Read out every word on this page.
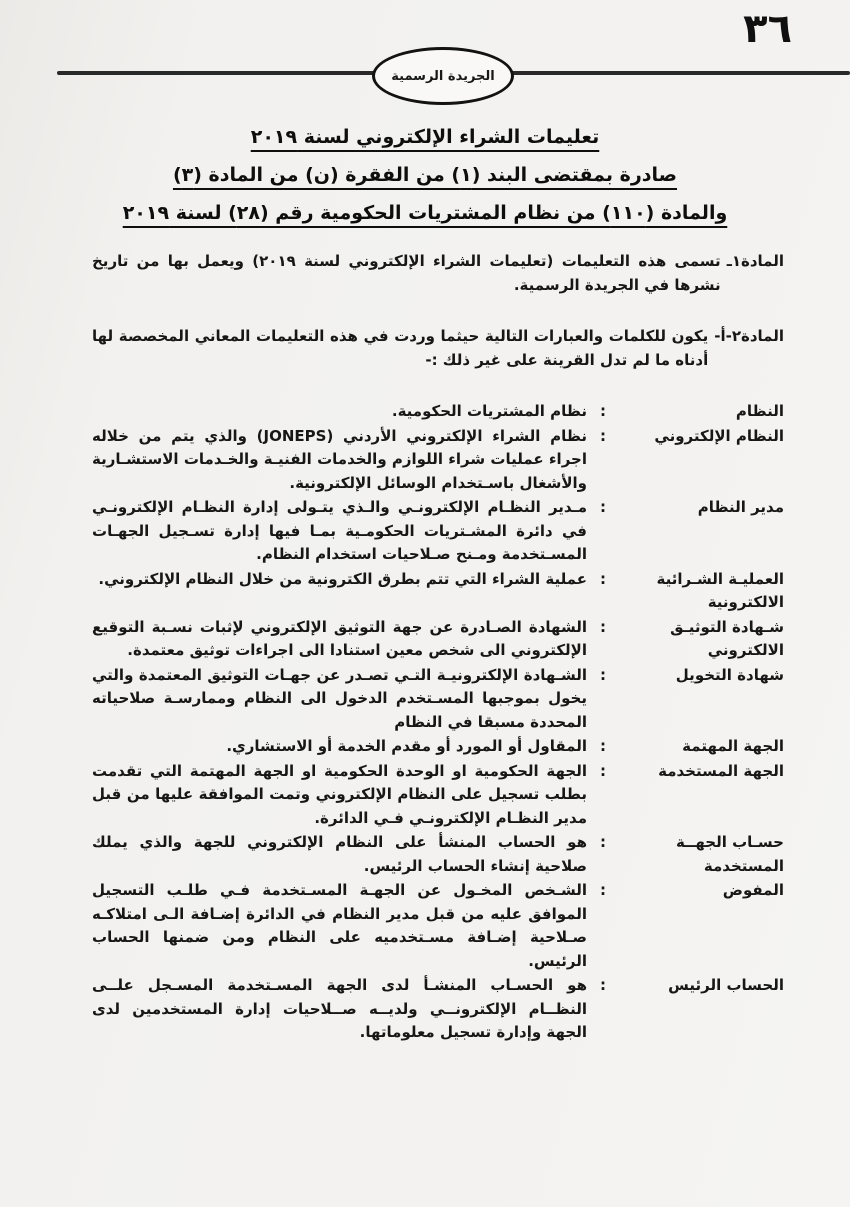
٣٦
الجريدة الرسمية
تعليمات الشراء الإلكتروني لسنة ٢٠١٩
صادرة بمقتضى البند (١) من الفقرة (ن) من المادة (٣)
والمادة (١١٠) من نظام المشتريات الحكومية رقم (٢٨) لسنة ٢٠١٩
المادة١ـ
تسمى هذه التعليمات (تعليمات الشراء الإلكتروني لسنة ٢٠١٩) ويعمل بها من تاريخ نشرها في الجريدة الرسمية.
المادة٢-أ-
يكون للكلمات والعبارات التالية حيثما وردت في هذه التعليمات المعاني المخصصة لها أدناه ما لم تدل القرينة على غير ذلك :-
النظام
:
نظام المشتريات الحكومية.
النظام الإلكتروني
:
نظام الشراء الإلكتروني الأردني (JONEPS) والذي يتم من خلاله اجراء عمليات شراء اللوازم والخدمات الفنيـة والخـدمات الاستشـارية والأشغال باسـتخدام الوسائل الإلكترونية.
مدير النظام
:
مـدير النظـام الإلكترونـي والـذي يتـولى إدارة النظـام الإلكترونـي في دائرة المشـتريات الحكومـية بمـا فيها إدارة تسـجيل الجهـات المسـتخدمة ومـنح صـلاحيات استخدام النظام.
العمليـة الشـرائية الالكترونية
:
عملية الشراء التي تتم بطرق الكترونية من خلال النظام الإلكتروني.
شـهادة التوثيـق الالكتروني
:
الشهادة الصـادرة عن جهة التوثيق الإلكتروني لإثبات نسـبة التوقيع الإلكتروني الى شخص معين استنادا الى اجراءات توثيق معتمدة.
شهادة التخويل
:
الشـهادة الإلكترونيـة التـي تصـدر عن جهـات التوثيق المعتمدة والتي يخول بموجبها المسـتخدم الدخول الى النظام وممارسـة صلاحياته المحددة مسبقا في النظام
الجهة المهتمة
:
المقاول أو المورد أو مقدم الخدمة أو الاستشاري.
الجهة المستخدمة
:
الجهة الحكومية او الوحدة الحكومية او الجهة المهتمة التي تقدمت بطلب تسجيل على النظام الإلكتروني وتمت الموافقة عليها من قبل مدير النظـام الإلكترونـي فـي الدائرة.
حسـاب الجهــة المستخدمة
:
هو الحساب المنشأ على النظام الإلكتروني للجهة والذي يملك صلاحية إنشاء الحساب الرئيس.
المفوض
:
الشـخص المخـول عن الجهـة المسـتخدمة فـي طلـب التسجيل الموافق عليه من قبل مدير النظام في الدائرة إضـافة الـى امتلاكـه صـلاحية إضـافة مسـتخدميه على النظام ومن ضمنها الحساب الرئيس.
الحساب الرئيس
:
هو الحسـاب المنشـأ لدى الجهة المسـتخدمة المسـجل علــى النظــام الإلكترونــي ولديــه صــلاحيات إدارة المستخدمين لدى الجهة وإدارة تسجيل معلوماتها.
